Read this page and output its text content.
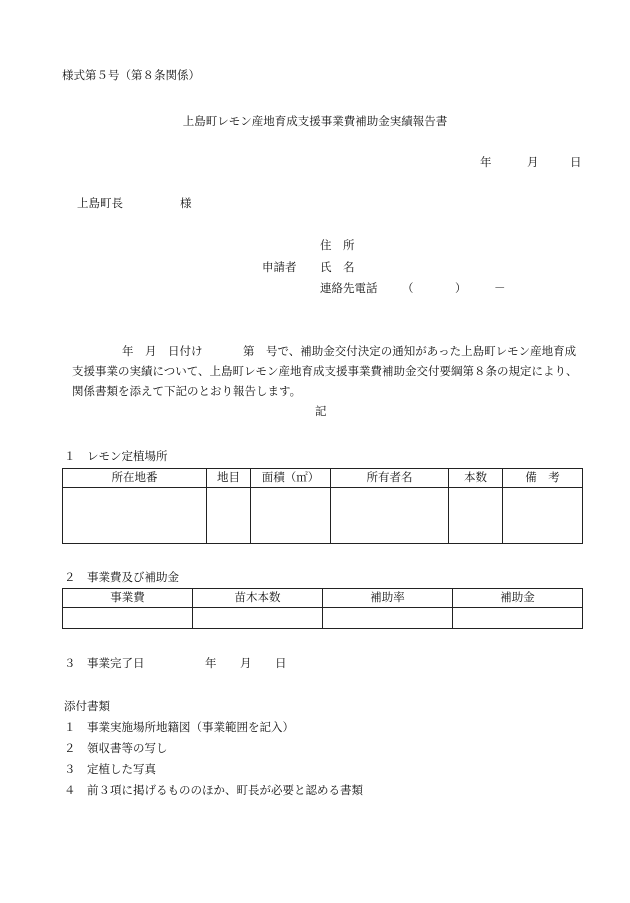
様式第５号（第８条関係）
上島町レモン産地育成支援事業費補助金実績報告書
年	月	日
上島町長	様
住　所
申請者 氏　名
連絡先電話 （	） －
年　月　日付け	第　号で、補助金交付決定の通知があった上島町レモン産地育成
支援事業の実績について、上島町レモン産地育成支援事業費補助金交付要綱第８条の規定により、
関係書類を添えて下記のとおり報告します。
記
１　レモン定植場所
所在地番	地目	面積（㎡）	所有者名	本数	備　考

２　事業費及び補助金
事業費	苗木本数	補助率	補助金

３　事業完了日	年 月 日
添付書類
１　事業実施場所地籍図（事業範囲を記入）
２　領収書等の写し
３　定植した写真
４　前３項に掲げるもののほか、町長が必要と認める書類
